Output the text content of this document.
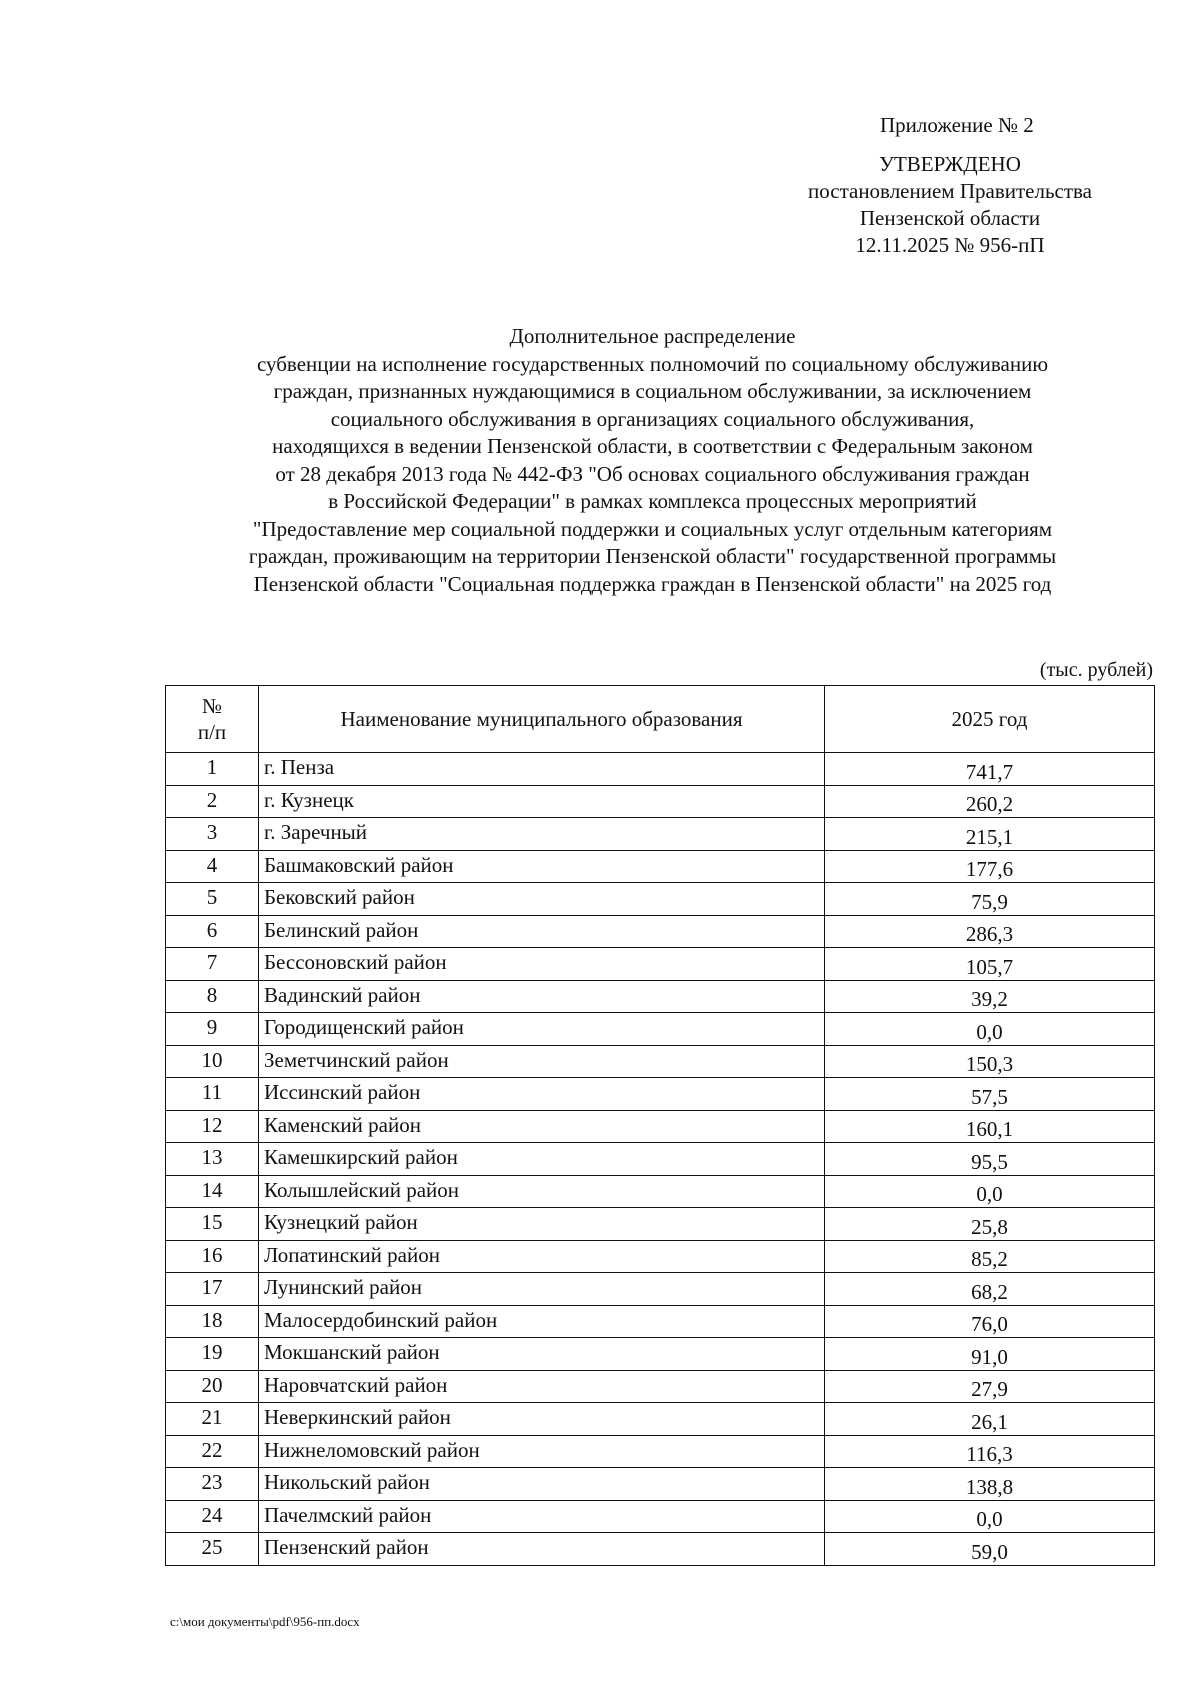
Приложение № 2
УТВЕРЖДЕНО
постановлением Правительства
Пензенской области
12.11.2025 № 956-пП
Дополнительное распределение
субвенции на исполнение государственных полномочий по социальному обслуживанию
граждан, признанных нуждающимися в социальном обслуживании, за исключением
социального обслуживания в организациях социального обслуживания,
находящихся в ведении Пензенской области, в соответствии с Федеральным законом
от 28 декабря 2013 года № 442-ФЗ "Об основах социального обслуживания граждан
в Российской Федерации" в рамках комплекса процессных мероприятий
"Предоставление мер социальной поддержки и социальных услуг отдельным категориям
граждан, проживающим на территории Пензенской области" государственной программы
Пензенской области "Социальная поддержка граждан в Пензенской области" на 2025 год
(тыс. рублей)
№
п/п	Наименование муниципального образования	2025 год
1	г. Пенза	741,7
2	г. Кузнецк	260,2
3	г. Заречный	215,1
4	Башмаковский район	177,6
5	Бековский район	75,9
6	Белинский район	286,3
7	Бессоновский район	105,7
8	Вадинский район	39,2
9	Городищенский район	0,0
10	Земетчинский район	150,3
11	Иссинский район	57,5
12	Каменский район	160,1
13	Камешкирский район	95,5
14	Колышлейский район	0,0
15	Кузнецкий район	25,8
16	Лопатинский район	85,2
17	Лунинский район	68,2
18	Малосердобинский район	76,0
19	Мокшанский район	91,0
20	Наровчатский район	27,9
21	Неверкинский район	26,1
22	Нижнеломовский район	116,3
23	Никольский район	138,8
24	Пачелмский район	0,0
25	Пензенский район	59,0
c:\мои документы\pdf\956-пп.docx
